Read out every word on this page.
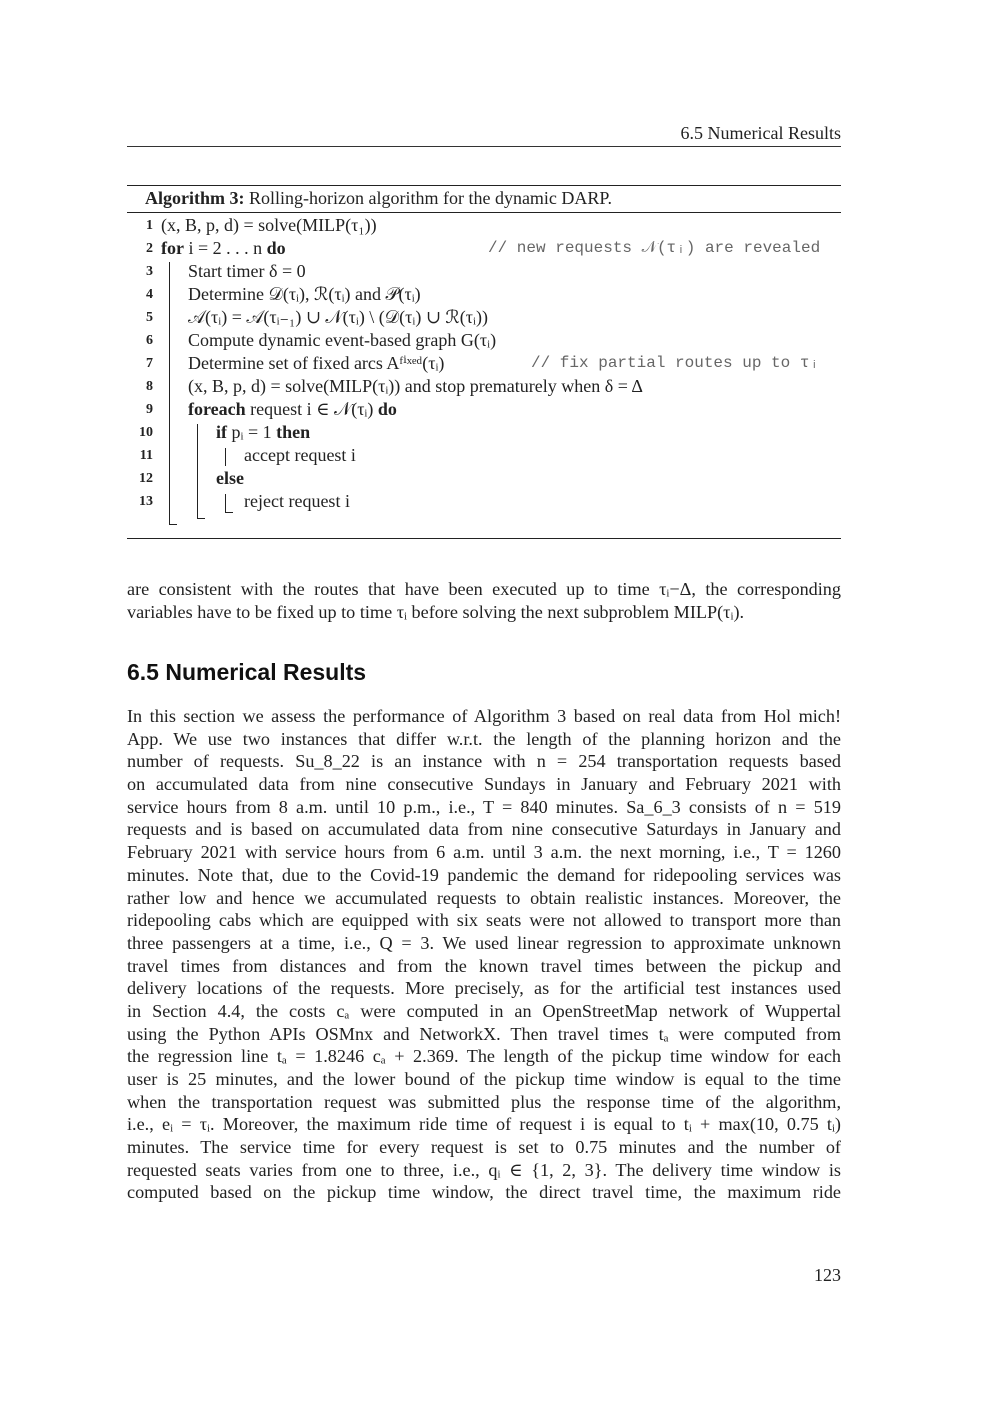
6.5 Numerical Results
Algorithm 3: Rolling-horizon algorithm for the dynamic DARP.
1 (x, B, p, d) = solve(MILP(τ₁))
2 for i = 2 . . . n do	// new requests 𝒩(τᵢ) are revealed
3 Start timer δ = 0
4 Determine 𝒟(τᵢ), ℛ(τᵢ) and 𝒫(τᵢ)
5 𝒜(τᵢ) = 𝒜(τᵢ₋₁) ∪ 𝒩(τᵢ) \ (𝒟(τᵢ) ∪ ℛ(τᵢ))
6 Compute dynamic event-based graph G(τᵢ)
7 Determine set of fixed arcs Aᶠⁱˣᵉᵈ(τᵢ)	// fix partial routes up to τᵢ
8 (x, B, p, d) = solve(MILP(τᵢ)) and stop prematurely when δ = Δ
9 foreach request i ∈ 𝒩(τᵢ) do
10	if pᵢ = 1 then
11	accept request i
12	else
13	reject request i
are consistent with the routes that have been executed up to time τᵢ−Δ, the corresponding
variables have to be fixed up to time τᵢ before solving the next subproblem MILP(τᵢ).
6.5 Numerical Results
In this section we assess the performance of Algorithm 3 based on real data from Hol mich!
App. We use two instances that differ w.r.t. the length of the planning horizon and the
number of requests. Su_8_22 is an instance with n = 254 transportation requests based
on accumulated data from nine consecutive Sundays in January and February 2021 with
service hours from 8 a.m. until 10 p.m., i.e., T = 840 minutes. Sa_6_3 consists of n = 519
requests and is based on accumulated data from nine consecutive Saturdays in January and
February 2021 with service hours from 6 a.m. until 3 a.m. the next morning, i.e., T = 1260
minutes. Note that, due to the Covid-19 pandemic the demand for ridepooling services was
rather low and hence we accumulated requests to obtain realistic instances. Moreover, the
ridepooling cabs which are equipped with six seats were not allowed to transport more than
three passengers at a time, i.e., Q = 3. We used linear regression to approximate unknown
travel times from distances and from the known travel times between the pickup and
delivery locations of the requests. More precisely, as for the artificial test instances used
in Section 4.4, the costs cₐ were computed in an OpenStreetMap network of Wuppertal
using the Python APIs OSMnx and NetworkX. Then travel times tₐ were computed from
the regression line tₐ = 1.8246 cₐ + 2.369. The length of the pickup time window for each
user is 25 minutes, and the lower bound of the pickup time window is equal to the time
when the transportation request was submitted plus the response time of the algorithm,
i.e., eᵢ = τᵢ. Moreover, the maximum ride time of request i is equal to tᵢ + max(10, 0.75 tᵢ)
minutes. The service time for every request is set to 0.75 minutes and the number of
requested seats varies from one to three, i.e., qᵢ ∈ {1, 2, 3}. The delivery time window is
computed based on the pickup time window, the direct travel time, the maximum ride
123
